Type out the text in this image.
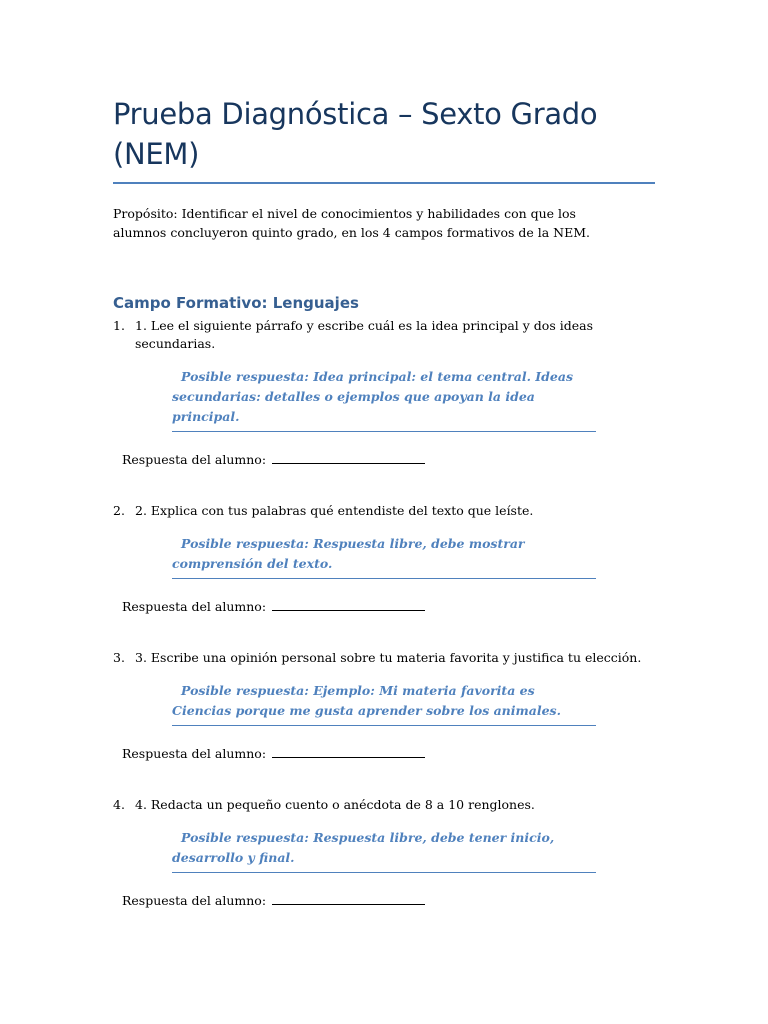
Prueba Diagnóstica – Sexto Grado (NEM)
Propósito: Identificar el nivel de conocimientos y habilidades con que los alumnos concluyeron quinto grado, en los 4 campos formativos de la NEM.
Campo Formativo: Lenguajes
1. 1. Lee el siguiente párrafo y escribe cuál es la idea principal y dos ideas secundarias.
Posible respuesta: Idea principal: el tema central. Ideas secundarias: detalles o ejemplos que apoyan la idea principal.
Respuesta del alumno:
2. 2. Explica con tus palabras qué entendiste del texto que leíste.
Posible respuesta: Respuesta libre, debe mostrar comprensión del texto.
Respuesta del alumno:
3. 3. Escribe una opinión personal sobre tu materia favorita y justifica tu elección.
Posible respuesta: Ejemplo: Mi materia favorita es Ciencias porque me gusta aprender sobre los animales.
Respuesta del alumno:
4. 4. Redacta un pequeño cuento o anécdota de 8 a 10 renglones.
Posible respuesta: Respuesta libre, debe tener inicio, desarrollo y final.
Respuesta del alumno:
